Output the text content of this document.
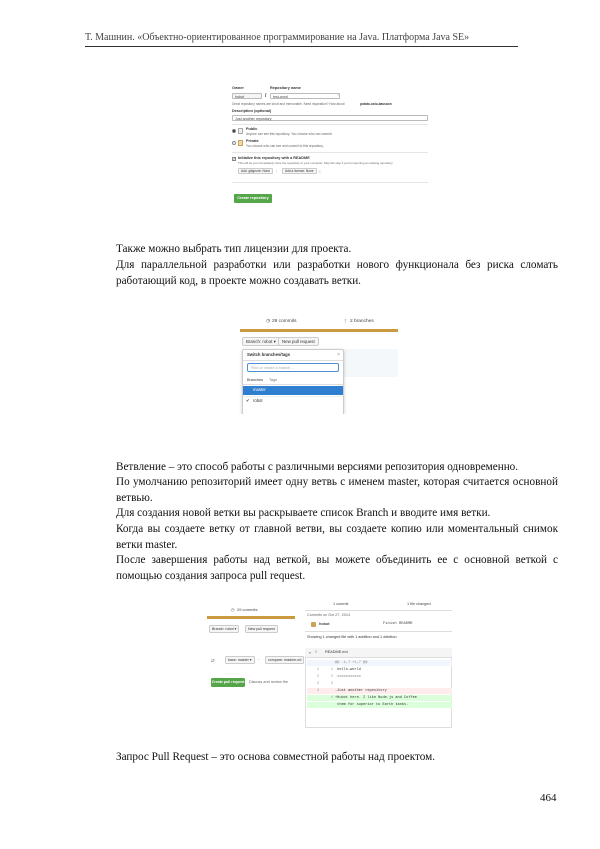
Т. Машнин. «Объектно-ориентированное программирование на Java. Платформа Java SE»
Owner	Repository name
hobot	/	test-word	✓
Great repository names are short and memorable. Need inspiration? How about	potato-octo-bassoon
Description (optional)
Just another repository
Public
Anyone can see this repository. You choose who can commit.
Private
You choose who can see and commit to this repository.
✓ Initialize this repository with a README
This will let you immediately clone the repository to your computer. Skip this step if you're importing an existing repository.
Add .gitignore: None	|	Add a license: None	ⓘ
Create repository

Также можно выбрать тип лицензии для проекта.

Для параллельной разработки или разработки нового функционала без риска сломать работающий код, в проекте можно создавать ветки.

◷ 29 commits	ᚴ 2 branches
Branch: robot ▾	New pull request
Switch branches/tags	×
Find or create a branch…
Branches	Tags
master
✔ robot

Ветвление – это способ работы с различными версиями репозитория одновременно.

По умолчанию репозиторий имеет одну ветвь с именем master, которая считается основной ветвью.

Для создания новой ветки вы раскрываете список Branch и вводите имя ветки.

Когда вы создаете ветку от главной ветви, вы создаете копию или моментальный снимок ветки master.

После завершения работы над веткой, вы можете объединить ее с основной веткой с помощью создания запроса pull request.

◷ 29 commits
Branch: robot ▾	New pull request
1 commit	1 file changed
Commits on Oct 27, 2014
hobot	Finish README
Showing 1 changed file with 1 addition and 1 deletion.
⇄	base: master ▾	...	compare: readme-ed
Create pull request Discuss and review the
▾ 2 README.md
@@ -1,7 +1,7 @@
1	1 hello-world
2	2 ===========
3	3
4	-Just another repository
4 +Hubot here. I like Node.js and Coffee
them for superior to Earth tanks.

Запрос Pull Request – это основа совместной работы над проектом.

464
